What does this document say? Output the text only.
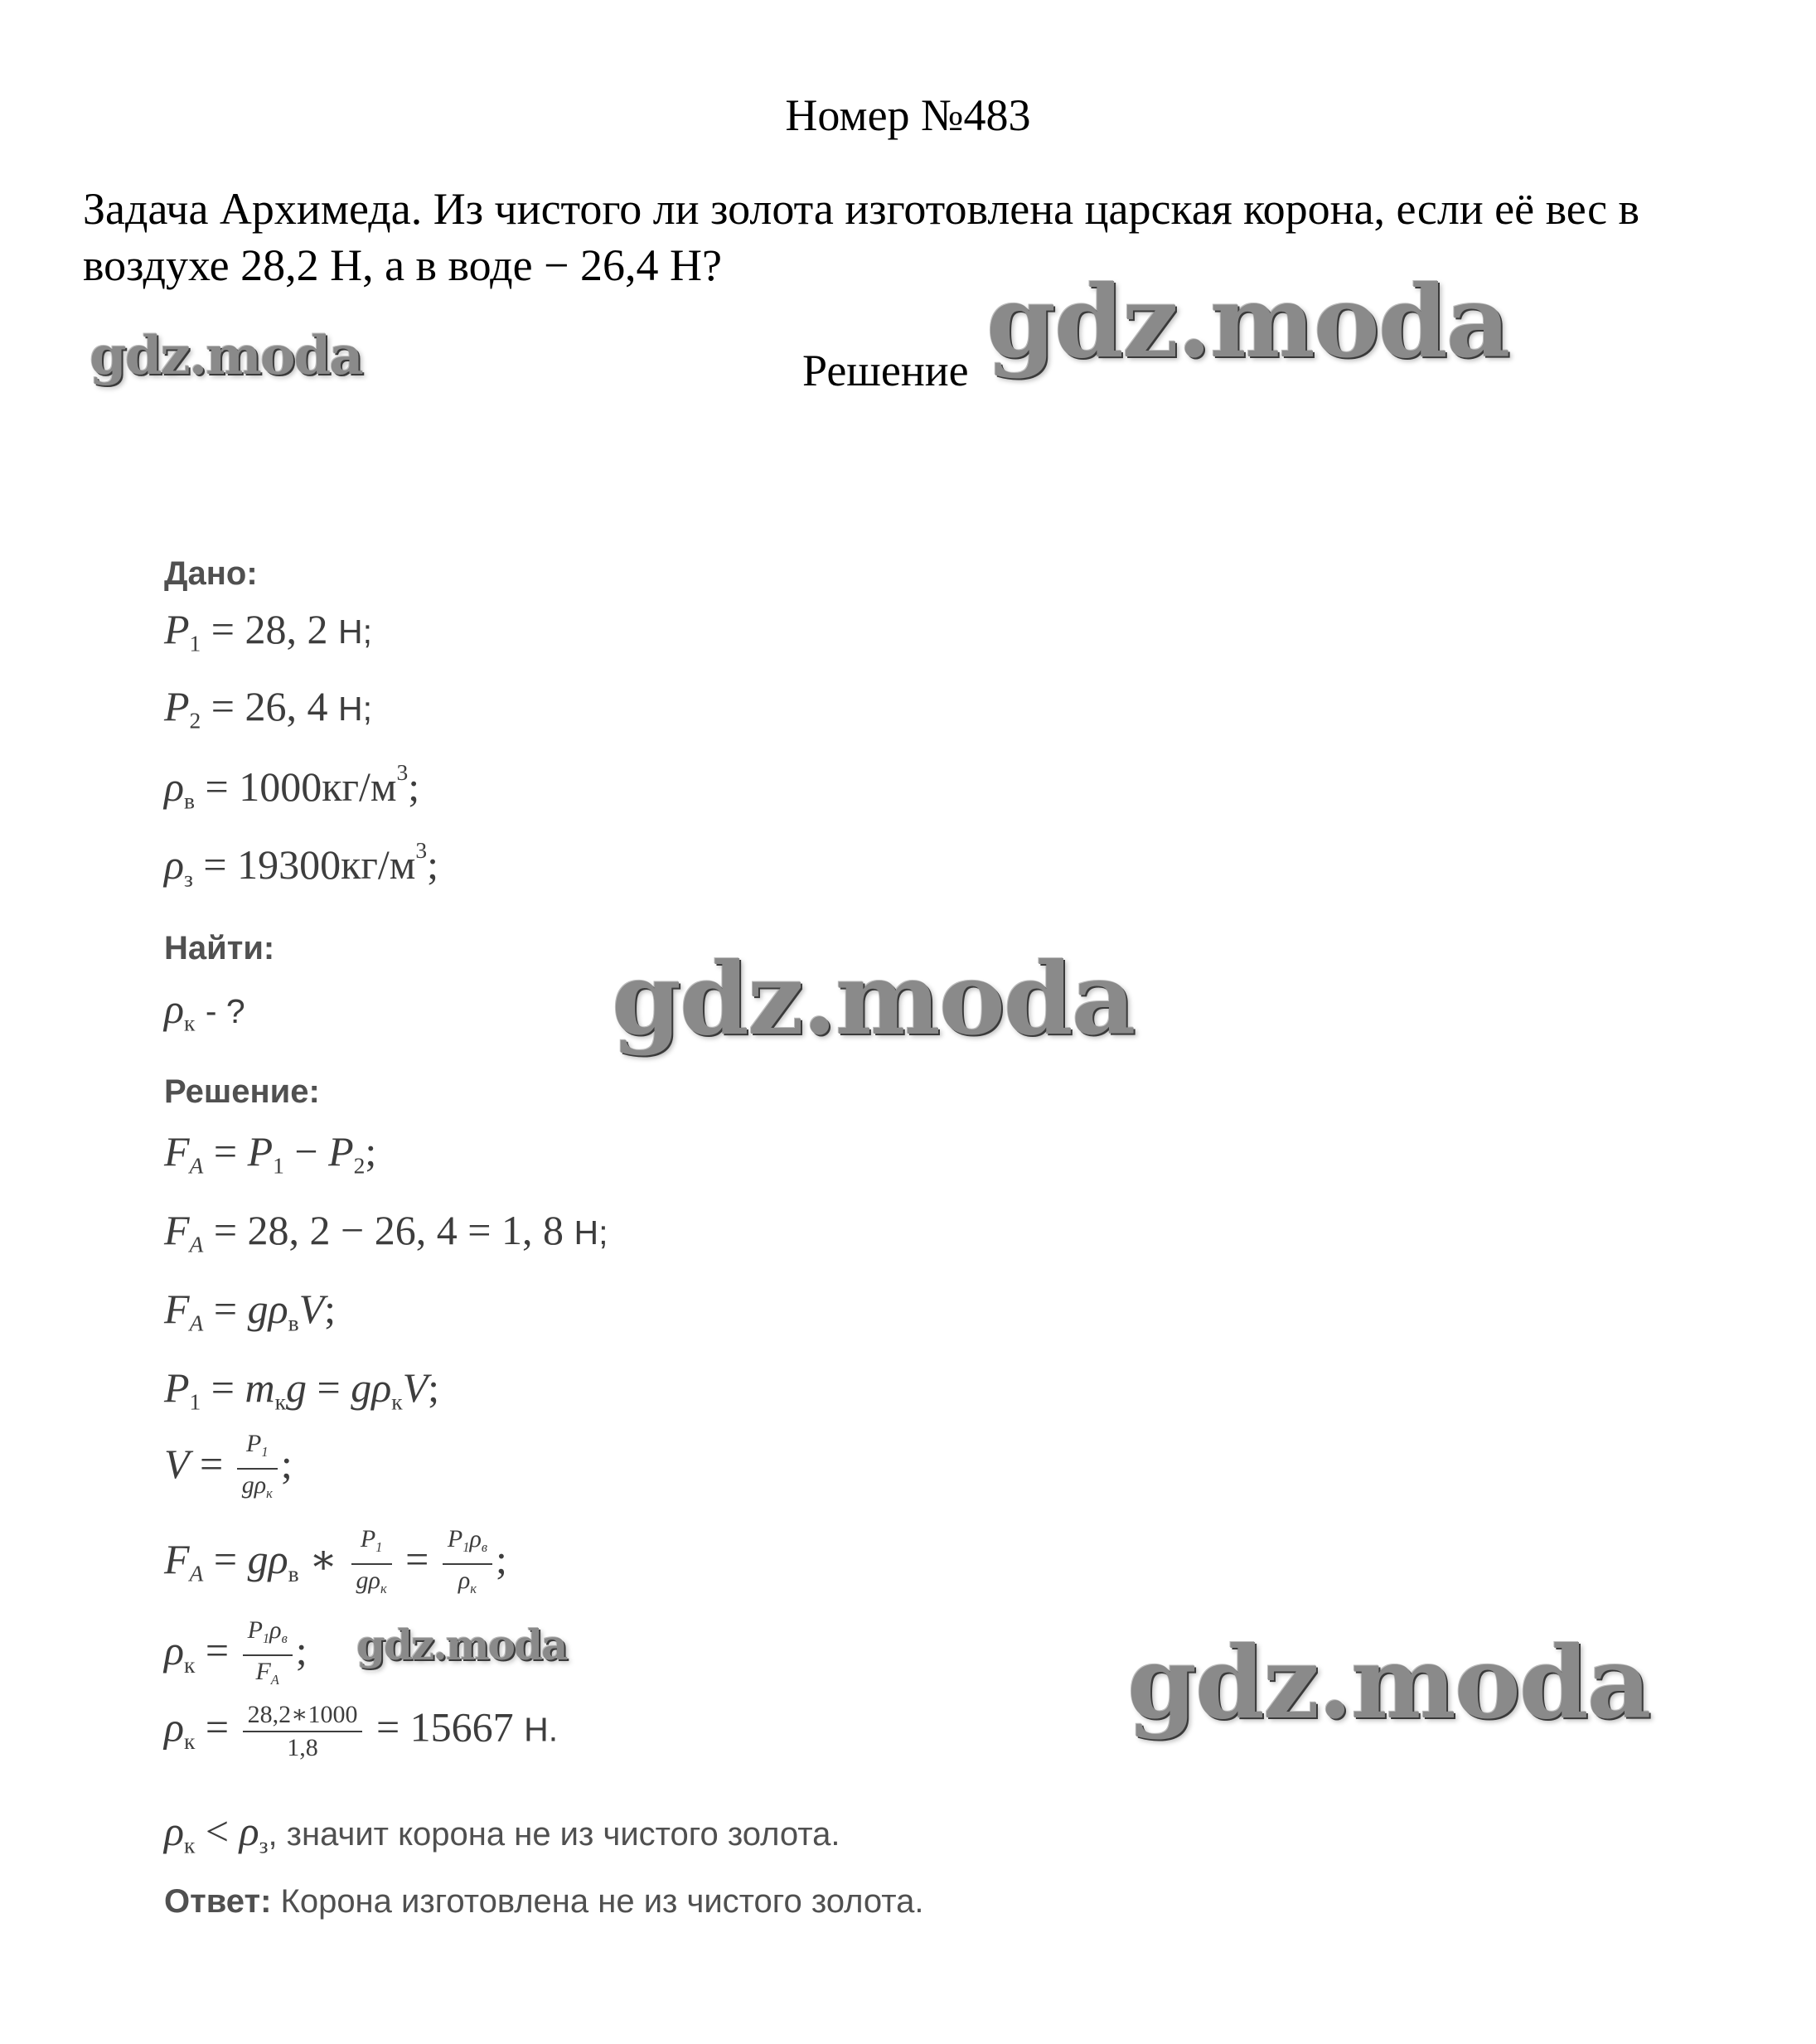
Номер №483
Задача Архимеда. Из чистого ли золота изготовлена царская корона, если её вес в воздухе 28,2 Н, а в воде − 26,4 Н?
Решение
gdz.moda	gdz.moda
gdz.moda
gdz.moda
gdz.moda
Дано:
$P_1 = 28$, 2 Н;
$P_2 = 26$, 4 Н;
$\rho_в = 1000кг/м^3$;
$\rho_з = 19300кг/м^3$;
Найти:
$\rho_к$ - ?
Решение:
$F_A = P_1 - P_2$;
$F_A = 28$, 2 − 26, 4 = 1, 8 Н;
$F_A = g\rho_вV$;
$P_1 = m_кg = g\rho_кV$;
$V = \frac{P_1}{g\rho_к}$ ;
$F_A = g\rho_в$ ∗ $\frac{P_1}{g\rho_к} = \frac{P_1\rho_в}{\rho_к}$ ;
$\rho_к = \frac{P_1\rho_в}{F_A}$ ;
$\rho_к = \frac{28,2∗1000}{1,8} = 15667$ Н.
$\rho_к < \rho_з$, значит корона не из чистого золота.
Ответ: Корона изготовлена не из чистого золота.
